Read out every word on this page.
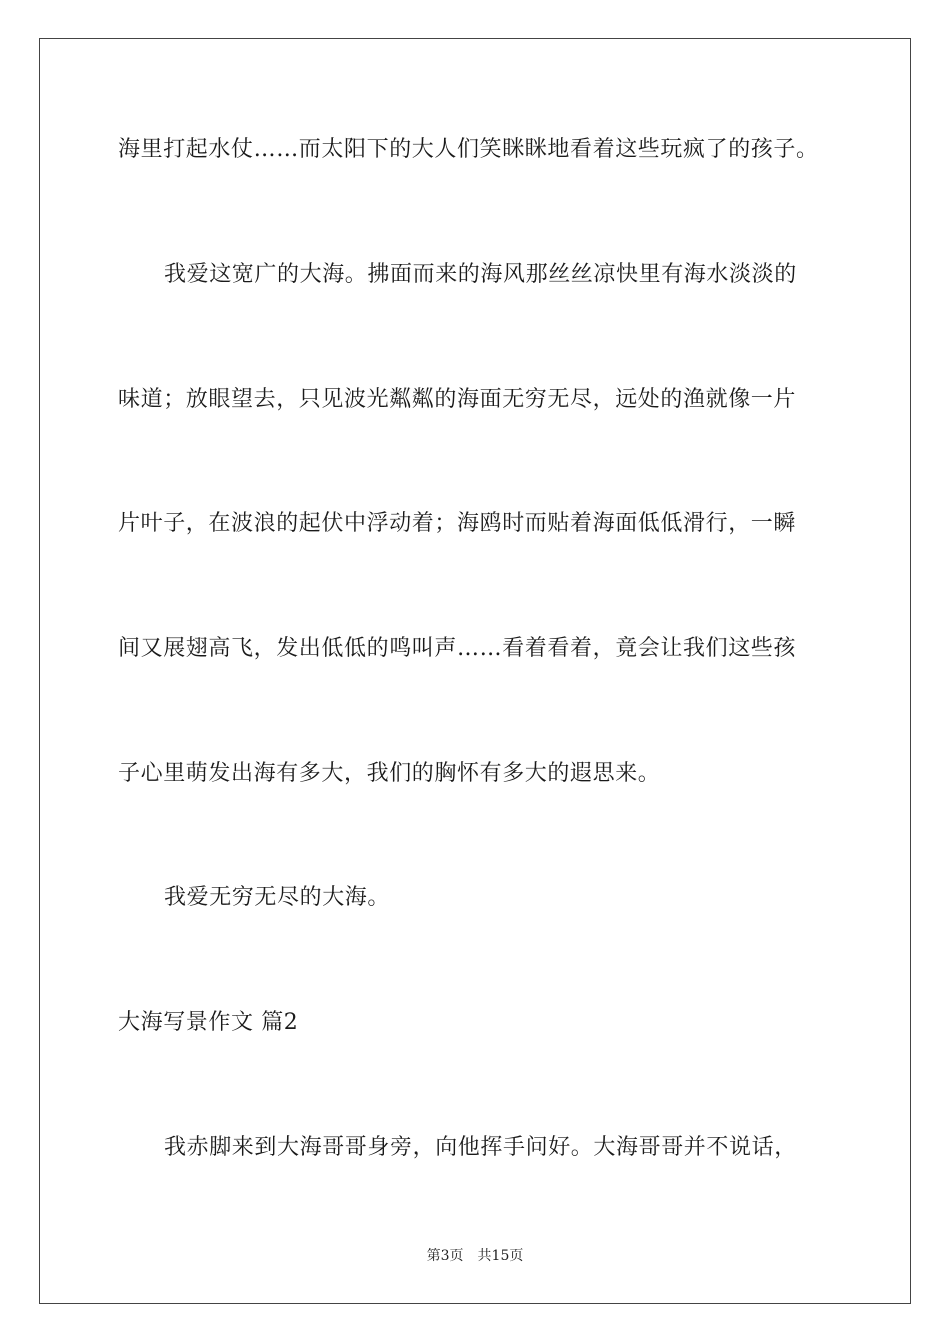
海里打起水仗……而太阳下的大人们笑眯眯地看着这些玩疯了的孩子。
我爱这宽广的大海。拂面而来的海风那丝丝凉快里有海水淡淡的
味道；放眼望去，只见波光粼粼的海面无穷无尽，远处的渔就像一片
片叶子，在波浪的起伏中浮动着；海鸥时而贴着海面低低滑行，一瞬
间又展翅高飞，发出低低的鸣叫声……看着看着，竟会让我们这些孩
子心里萌发出海有多大，我们的胸怀有多大的遐思来。
我爱无穷无尽的大海。
大海写景作文 篇2
我赤脚来到大海哥哥身旁，向他挥手问好。大海哥哥并不说话，
第3页 共15页
